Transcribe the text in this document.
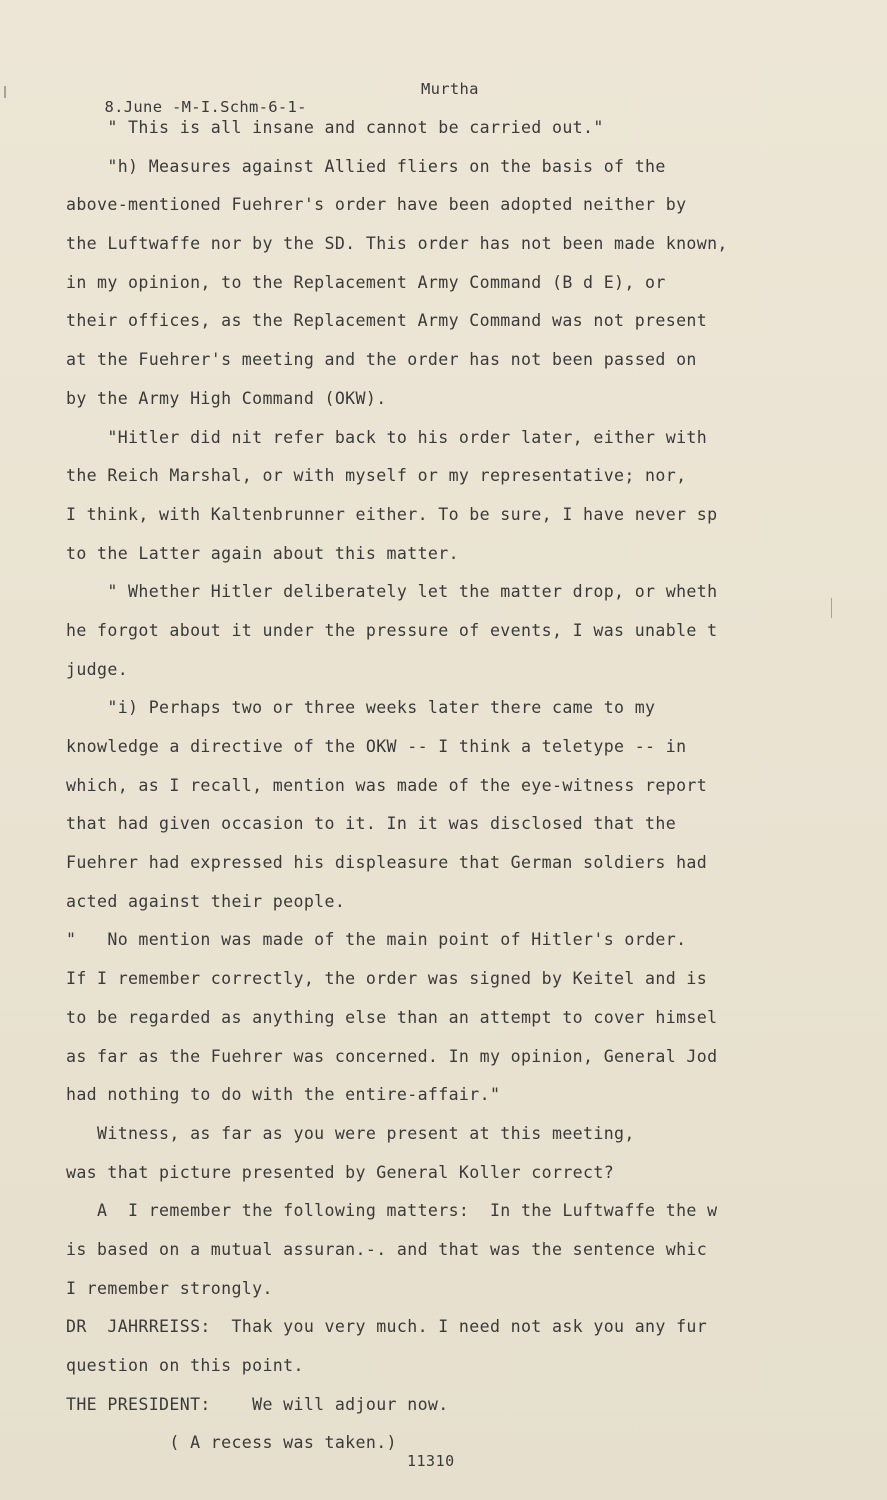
8.June -M-I.Schm-6-1-

Murtha

" This is all insane and cannot be carried out."
"h) Measures against Allied fliers on the basis of the
above-mentioned Fuehrer's order have been adopted neither by
the Luftwaffe nor by the SD. This order has not been made known,
in my opinion, to the Replacement Army Command (B d E), or
their offices, as the Replacement Army Command was not present
at the Fuehrer's meeting and the order has not been passed on
by the Army High Command (OKW).
"Hitler did nit refer back to his order later, either with
the Reich Marshal, or with myself or my representative; nor,
I think, with Kaltenbrunner either. To be sure, I have never sp
to the Latter again about this matter.
" Whether Hitler deliberately let the matter drop, or wheth
he forgot about it under the pressure of events, I was unable t
judge.
"i) Perhaps two or three weeks later there came to my
knowledge a directive of the OKW -- I think a teletype -- in
which, as I recall, mention was made of the eye-witness report
that had given occasion to it. In it was disclosed that the
Fuehrer had expressed his displeasure that German soldiers had
acted against their people.
"   No mention was made of the main point of Hitler's order.
If I remember correctly, the order was signed by Keitel and is
to be regarded as anything else than an attempt to cover himsel
as far as the Fuehrer was concerned. In my opinion, General Jod
had nothing to do with the entire-affair."
Witness, as far as you were present at this meeting,
was that picture presented by General Koller correct?
A  I remember the following matters:  In the Luftwaffe the w
is based on a mutual assuran.-. and that was the sentence whic
I remember strongly.
DR  JAHRREISS:  Thak you very much. I need not ask you any fur
question on this point.
THE PRESIDENT:    We will adjour now.
( A recess was taken.)
11310
